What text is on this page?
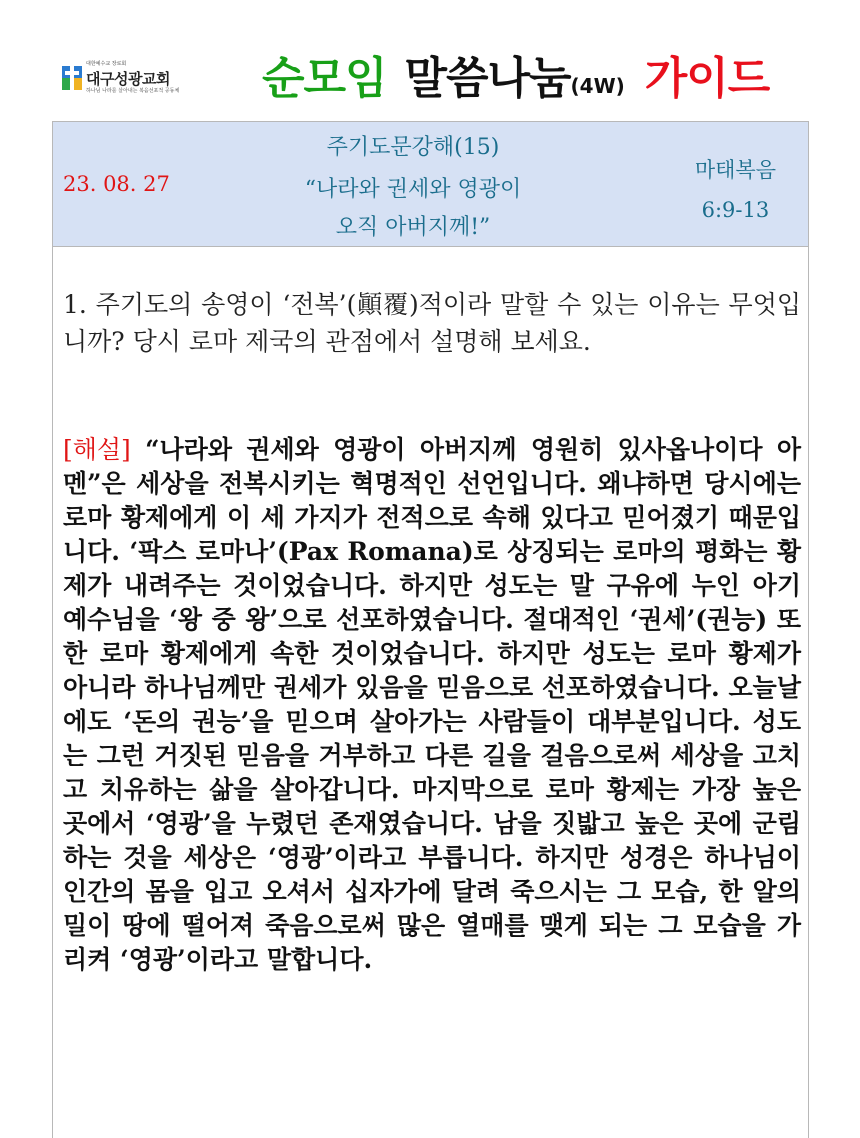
대한예수교 장로회
대구성광교회
하나님 나라를 살아내는 복음선포적 공동체 순모임 말씀나눔(4W) 가이드
23. 08. 27
주기도문강해(15)
“나라와 권세와 영광이
오직 아버지께!”
마태복음
6:9-13
1. 주기도의 송영이 ‘전복’(顚覆)적이라 말할 수 있는 이유는 무엇입니까? 당시 로마 제국의 관점에서 설명해 보세요.
[해설] “나라와 권세와 영광이 아버지께 영원히 있사옵나이다 아멘”은 세상을 전복시키는 혁명적인 선언입니다. 왜냐하면 당시에는 로마 황제에게 이 세 가지가 전적으로 속해 있다고 믿어졌기 때문입니다. ‘팍스 로마나’(Pax Romana)로 상징되는 로마의 평화는 황제가 내려주는 것이었습니다. 하지만 성도는 말 구유에 누인 아기 예수님을 ‘왕 중 왕’으로 선포하였습니다. 절대적인 ‘권세’(권능) 또한 로마 황제에게 속한 것이었습니다. 하지만 성도는 로마 황제가 아니라 하나님께만 권세가 있음을 믿음으로 선포하였습니다. 오늘날에도 ‘돈의 권능’을 믿으며 살아가는 사람들이 대부분입니다. 성도는 그런 거짓된 믿음을 거부하고 다른 길을 걸음으로써 세상을 고치고 치유하는 삶을 살아갑니다. 마지막으로 로마 황제는 가장 높은 곳에서 ‘영광’을 누렸던 존재였습니다. 남을 짓밟고 높은 곳에 군림하는 것을 세상은 ‘영광’이라고 부릅니다. 하지만 성경은 하나님이 인간의 몸을 입고 오셔서 십자가에 달려 죽으시는 그 모습, 한 알의 밀이 땅에 떨어져 죽음으로써 많은 열매를 맺게 되는 그 모습을 가리켜 ‘영광’이라고 말합니다.
